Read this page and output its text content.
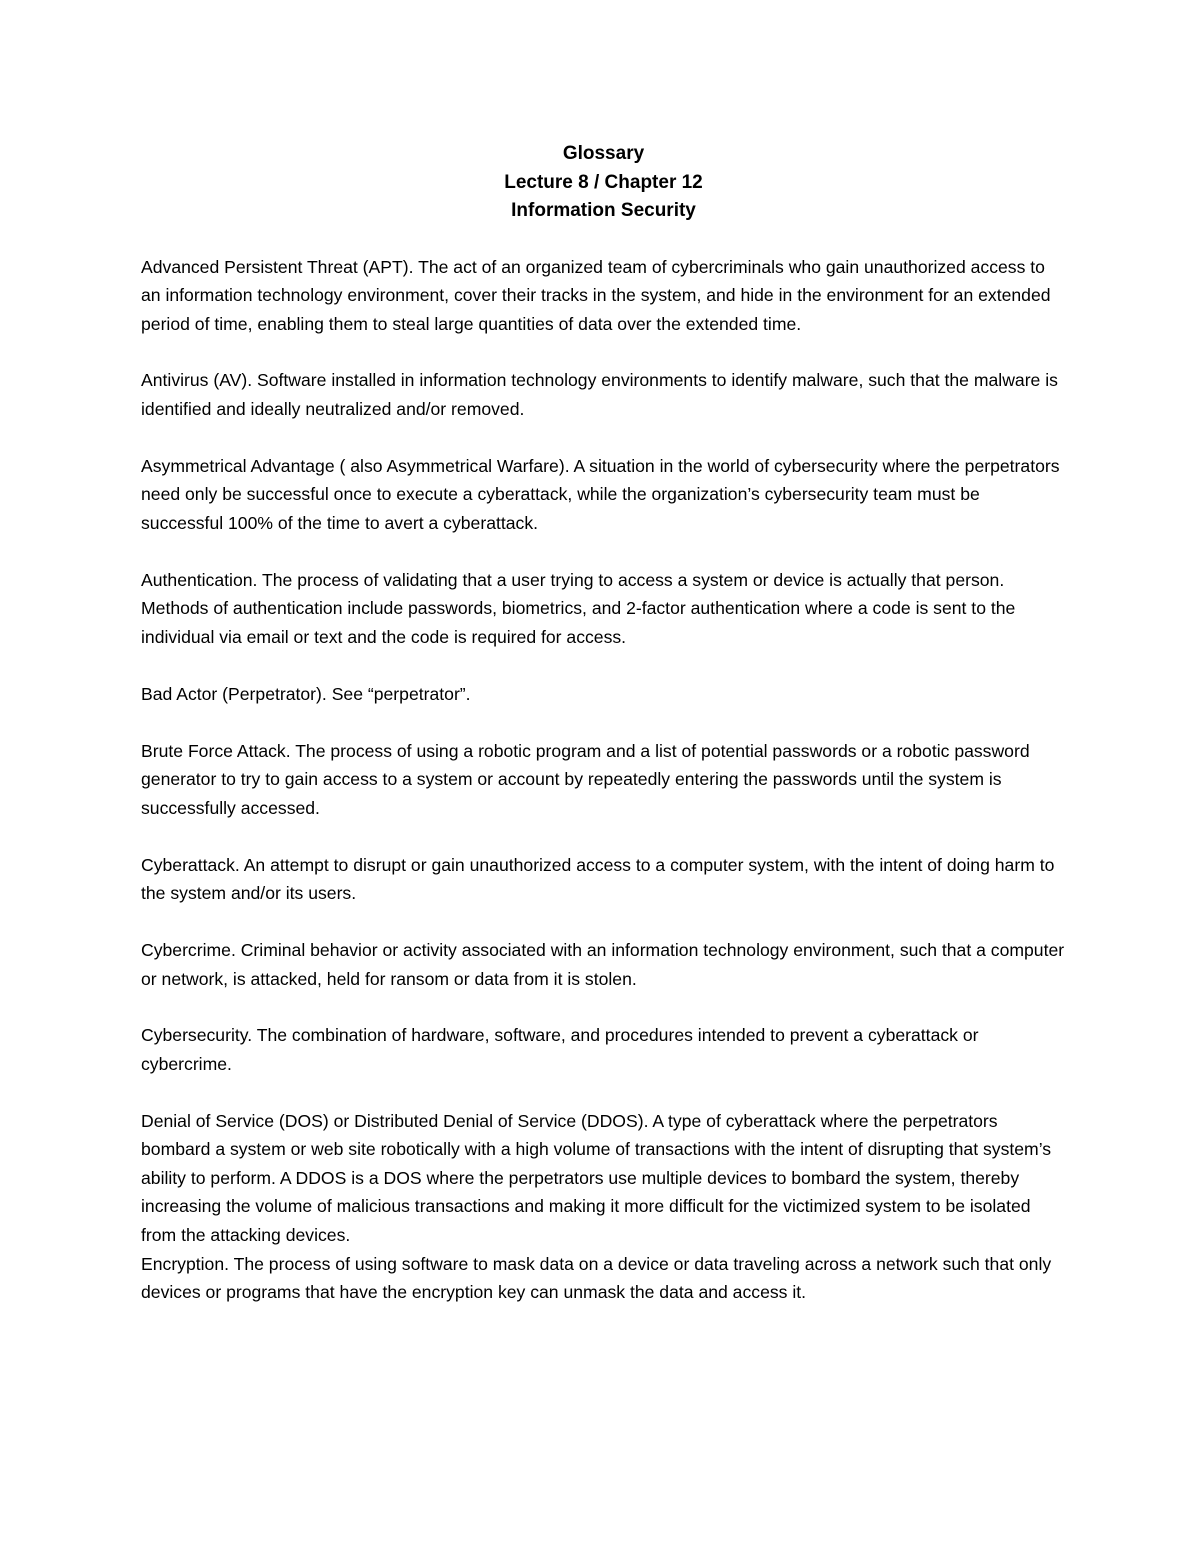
Glossary
Lecture 8 / Chapter 12
Information Security
Advanced Persistent Threat (APT) . The act of an organized team of cybercriminals who gain unauthorized access to an information technology environment, cover their tracks in the system, and hide in the environment for an extended period of time, enabling them to steal large quantities of data over the extended time.
Antivirus (AV) . Software installed in information technology environments to identify malware, such that the malware is identified and ideally neutralized and/or removed.
Asymmetrical Advantage ( also Asymmetrical Warfare) . A situation in the world of cybersecurity where the perpetrators need only be successful once to execute a cyberattack, while the organization’s cybersecurity team must be successful 100% of the time to avert a cyberattack.
Authentication . The process of validating that a user trying to access a system or device is actually that person. Methods of authentication include passwords, biometrics, and 2-factor authentication where a code is sent to the individual via email or text and the code is required for access.
Bad Actor (Perpetrator) . See “perpetrator”.
Brute Force Attack . The process of using a robotic program and a list of potential passwords or a robotic password generator to try to gain access to a system or account by repeatedly entering the passwords until the system is successfully accessed.
Cyberattack . An attempt to disrupt or gain unauthorized access to a computer system, with the intent of doing harm to the system and/or its users.
Cybercrime . Criminal behavior or activity associated with an information technology environment, such that a computer or network, is attacked, held for ransom or data from it is stolen.
Cybersecurity . The combination of hardware, software, and procedures intended to prevent a cyberattack or cybercrime.
Denial of Service (DOS) or Distributed Denial of Service (DDOS) . A type of cyberattack where the perpetrators bombard a system or web site robotically with a high volume of transactions with the intent of disrupting that system’s ability to perform. A DDOS is a DOS where the perpetrators use multiple devices to bombard the system, thereby increasing the volume of malicious transactions and making it more difficult for the victimized system to be isolated from the attacking devices.
Encryption . The process of using software to mask data on a device or data traveling across a network such that only devices or programs that have the encryption key can unmask the data and access it.
